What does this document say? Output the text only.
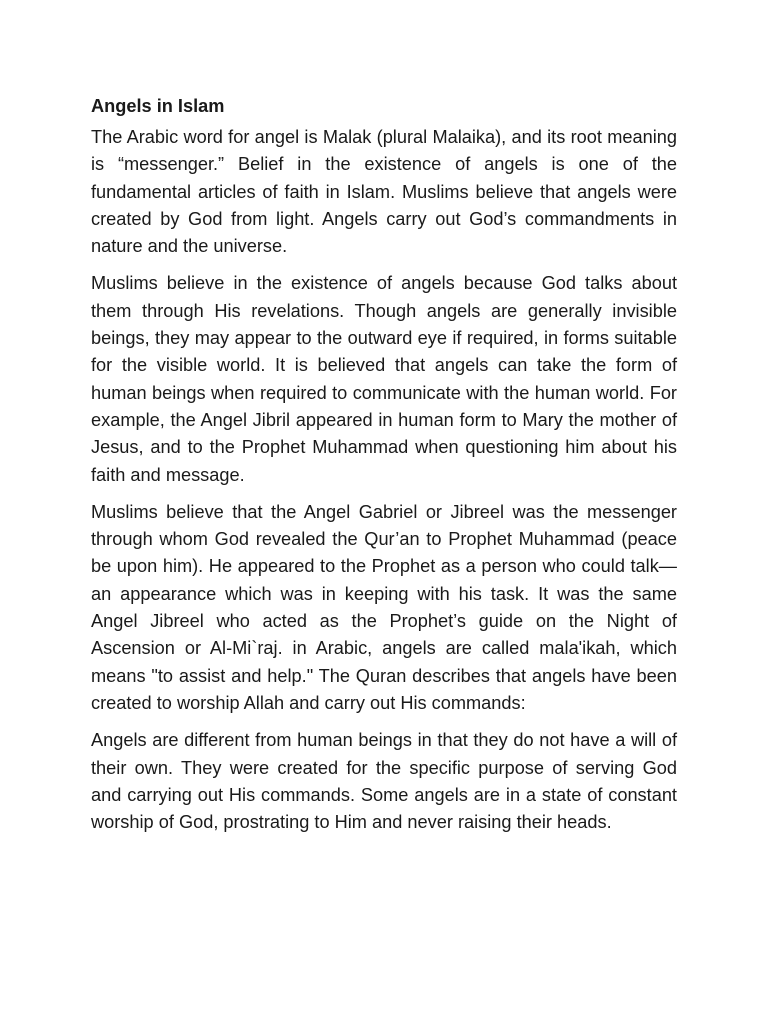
Angels in Islam

The Arabic word for angel is Malak (plural Malaika), and its root meaning is “messenger.” Belief in the existence of angels is one of the fundamental articles of faith in Islam. Muslims believe that angels were created by God from light. Angels carry out God’s commandments in nature and the universe.

Muslims believe in the existence of angels because God talks about them through His revelations. Though angels are generally invisible beings, they may appear to the outward eye if required, in forms suitable for the visible world. It is believed that angels can take the form of human beings when required to communicate with the human world. For example, the Angel Jibril appeared in human form to Mary the mother of Jesus, and to the Prophet Muhammad when questioning him about his faith and message.

Muslims believe that the Angel Gabriel or Jibreel was the messenger through whom God revealed the Qur’an to Prophet Muhammad (peace be upon him). He appeared to the Prophet as a person who could talk—an appearance which was in keeping with his task. It was the same Angel Jibreel who acted as the Prophet’s guide on the Night of Ascension or Al-Mi`raj. in Arabic, angels are called mala'ikah, which means "to assist and help." The Quran describes that angels have been created to worship Allah and carry out His commands:

Angels are different from human beings in that they do not have a will of their own. They were created for the specific purpose of serving God and carrying out His commands. Some angels are in a state of constant worship of God, prostrating to Him and never raising their heads.
